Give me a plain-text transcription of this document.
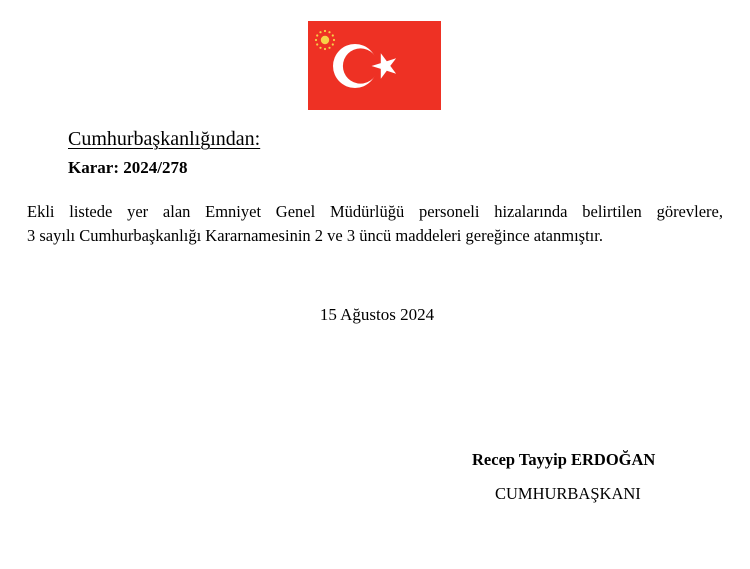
Cumhurbaşkanlığından:
Karar: 2024/278
Ekli listede yer alan Emniyet Genel Müdürlüğü personeli hizalarında belirtilen görevlere,
3 sayılı Cumhurbaşkanlığı Kararnamesinin 2 ve 3 üncü maddeleri gereğince atanmıştır.
15 Ağustos 2024
Recep Tayyip ERDOĞAN
CUMHURBAŞKANI
